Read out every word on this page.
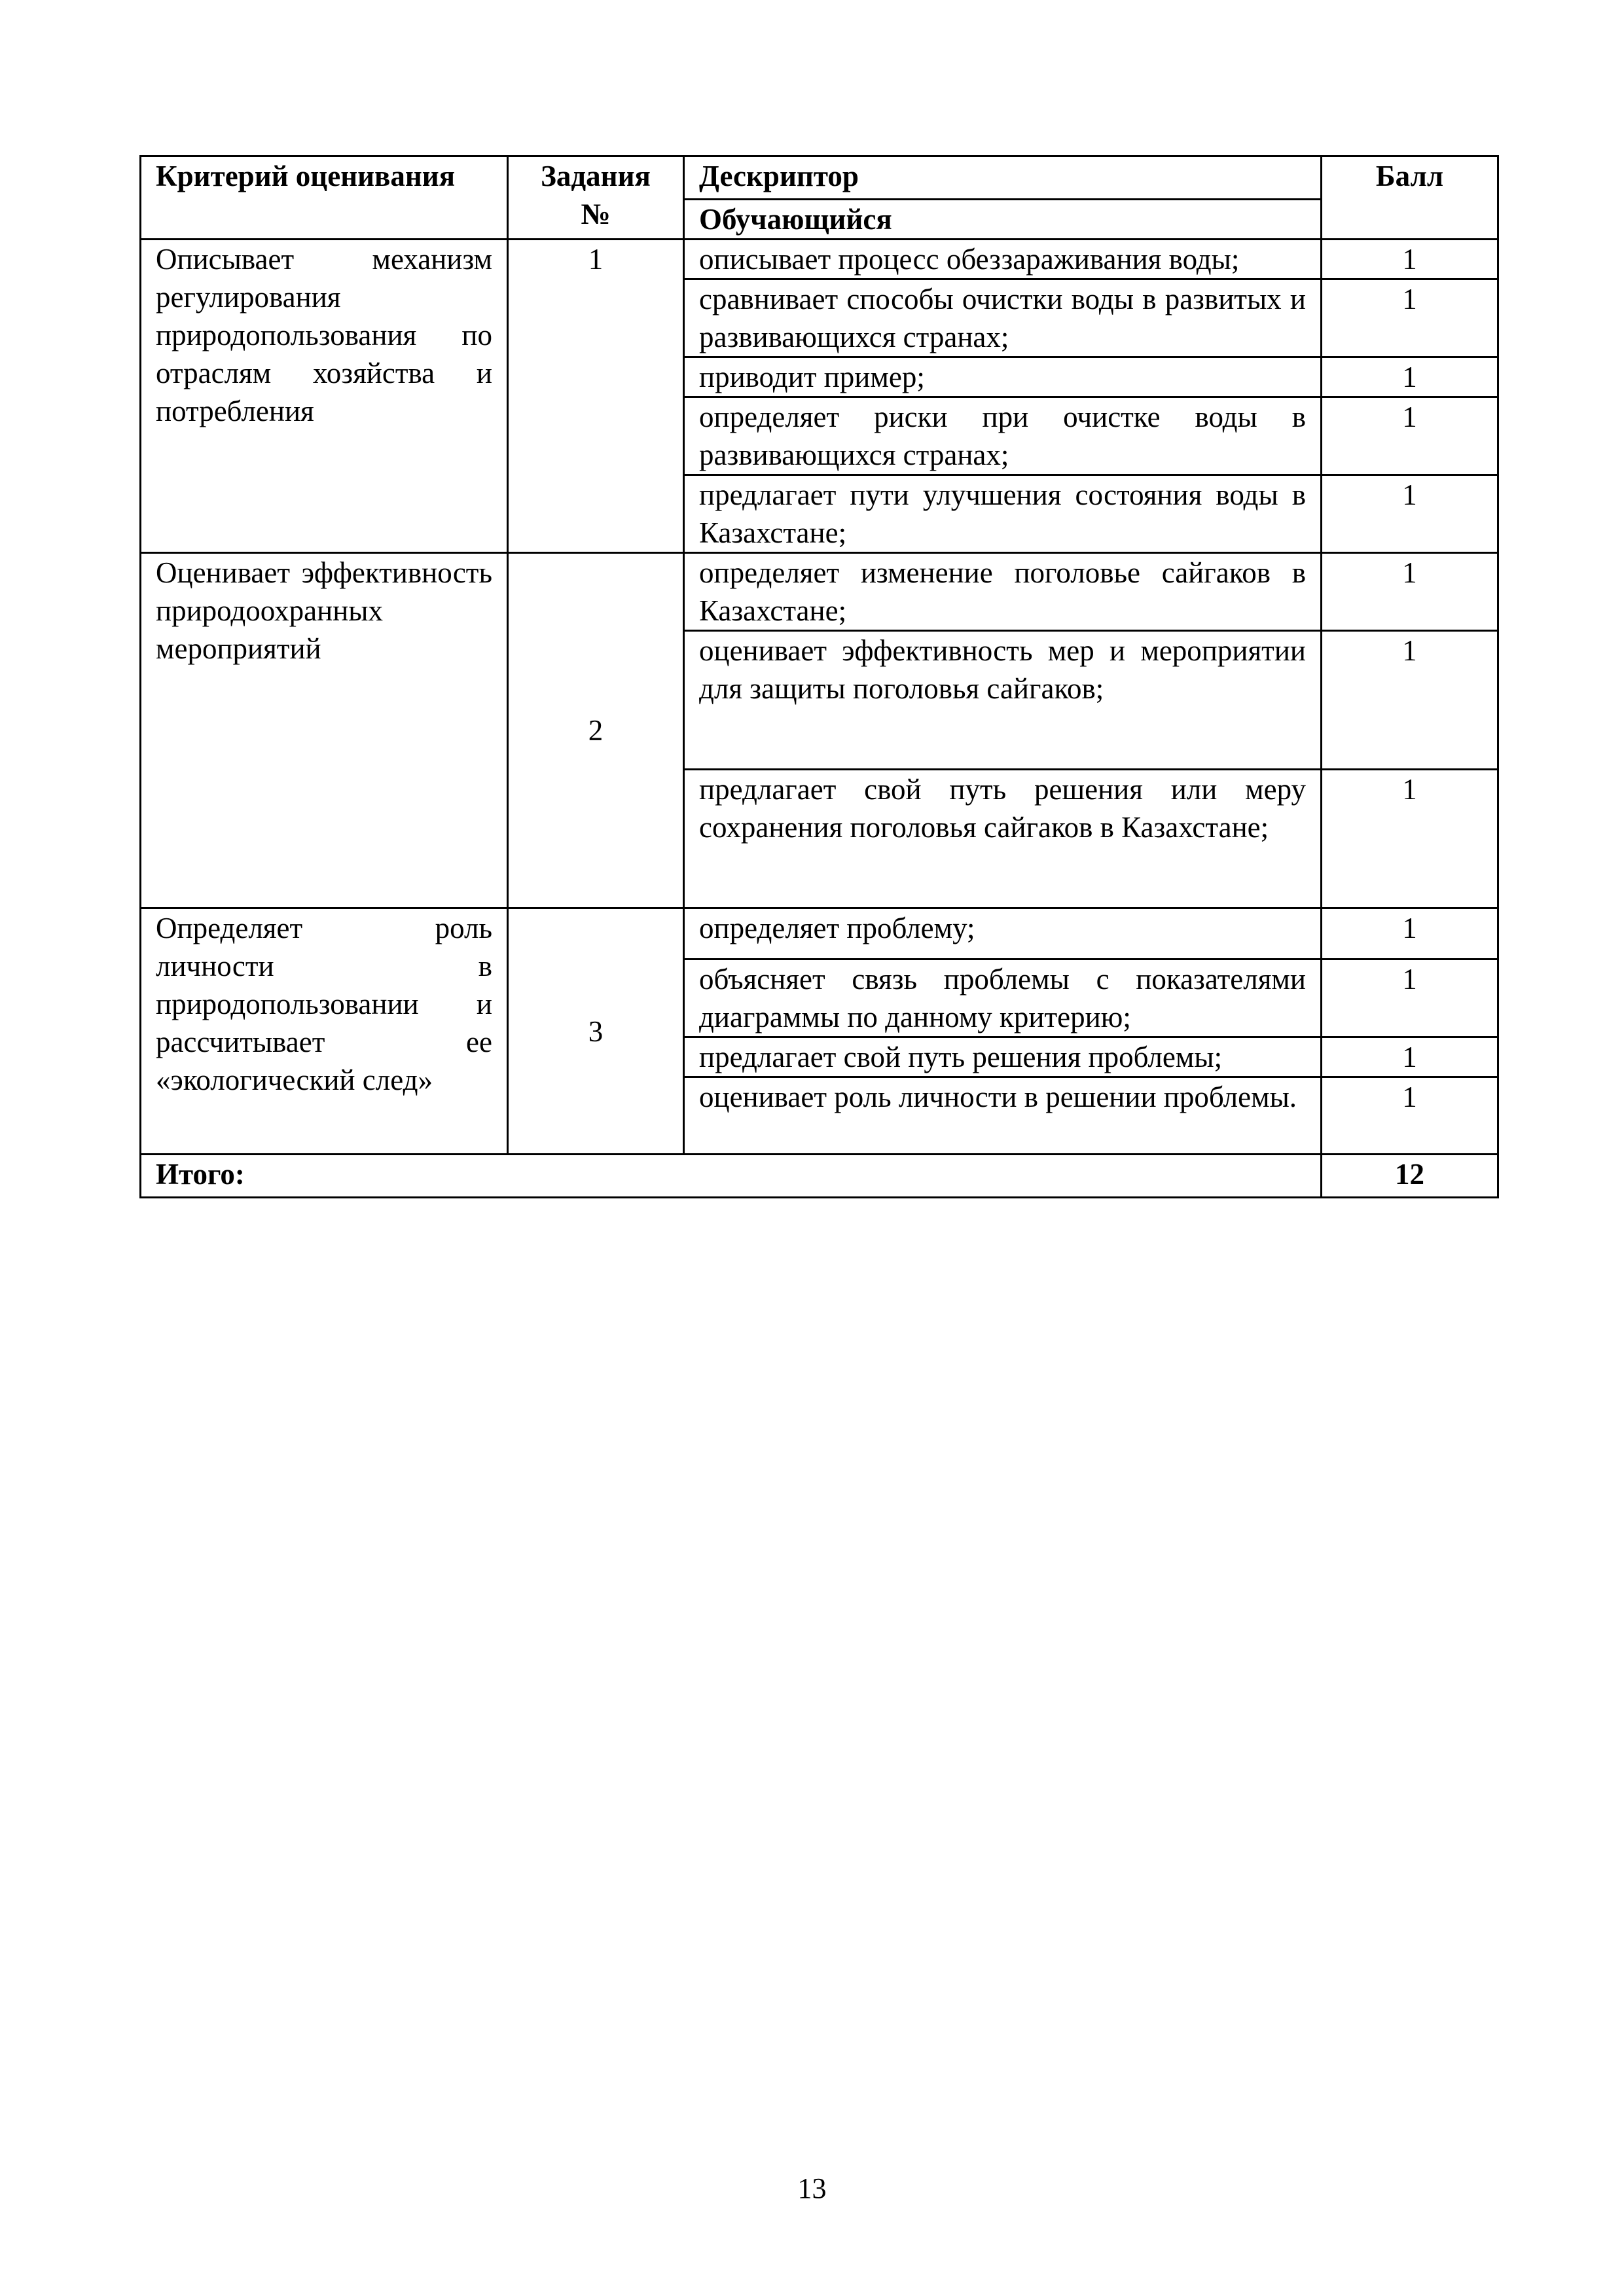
Критерий оценивания	Задания №	Дескриптор	Балл
		Обучающийся	
Описывает механизм регулирования природопользования по отраслям хозяйства и потребления	1	описывает процесс обеззараживания воды;	1
		сравнивает способы очистки воды в развитых и развивающихся странах;	1
		приводит пример;	1
		определяет риски при очистке воды в развивающихся странах;	1
		предлагает пути улучшения состояния воды в Казахстане;	1
Оценивает эффективность природоохранных мероприятий	2	определяет изменение поголовье сайгаков в Казахстане;	1
		оценивает эффективность мер и мероприятии для защиты поголовья сайгаков;	1
		предлагает свой путь решения или меру сохранения поголовья сайгаков в Казахстане;	1
Определяет роль личности в природопользовании и рассчитывает ее «экологический след»	3	определяет проблему;	1
		объясняет связь проблемы с показателями диаграммы по данному критерию;	1
		предлагает свой путь решения проблемы;	1
		оценивает роль личности в решении проблемы.	1
Итого:			12
13
